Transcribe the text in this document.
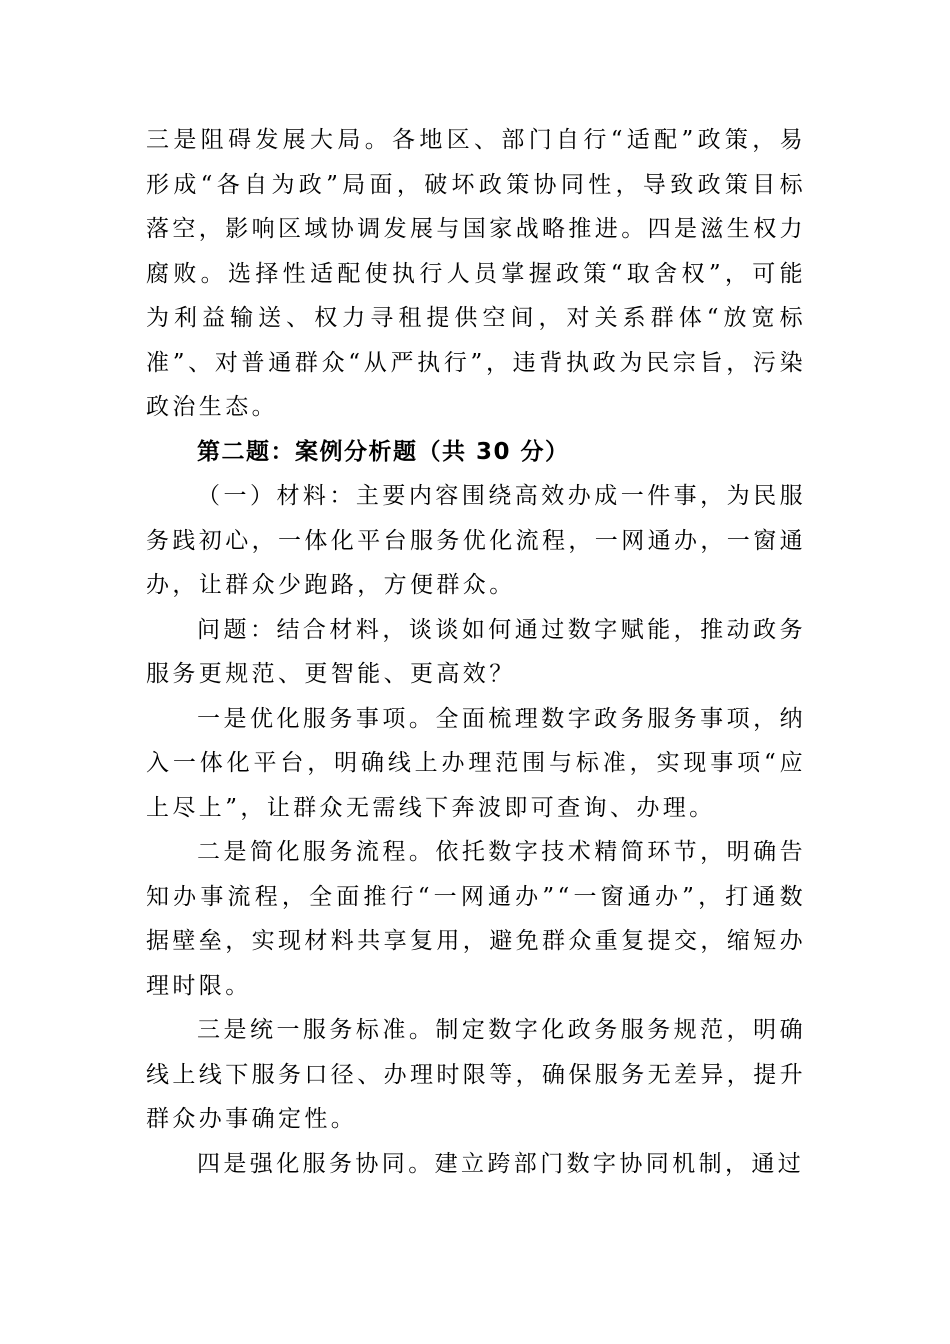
三是阻碍发展大局。各地区、部门自行“适配”政策，易形成“各自为政”局面，破坏政策协同性，导致政策目标落空，影响区域协调发展与国家战略推进。四是滋生权力腐败。选择性适配使执行人员掌握政策“取舍权”，可能为利益输送、权力寻租提供空间，对关系群体“放宽标准”、对普通群众“从严执行”，违背执政为民宗旨，污染政治生态。

第二题：案例分析题（共 30 分）

（一）材料：主要内容围绕高效办成一件事，为民服务践初心，一体化平台服务优化流程，一网通办，一窗通办，让群众少跑路，方便群众。

问题：结合材料，谈谈如何通过数字赋能，推动政务服务更规范、更智能、更高效？

一是优化服务事项。全面梳理数字政务服务事项，纳入一体化平台，明确线上办理范围与标准，实现事项“应上尽上”，让群众无需线下奔波即可查询、办理。

二是简化服务流程。依托数字技术精简环节，明确告知办事流程，全面推行“一网通办”“一窗通办”，打通数据壁垒，实现材料共享复用，避免群众重复提交，缩短办理时限。

三是统一服务标准。制定数字化政务服务规范，明确线上线下服务口径、办理时限等，确保服务无差异，提升群众办事确定性。

四是强化服务协同。建立跨部门数字协同机制，通过
